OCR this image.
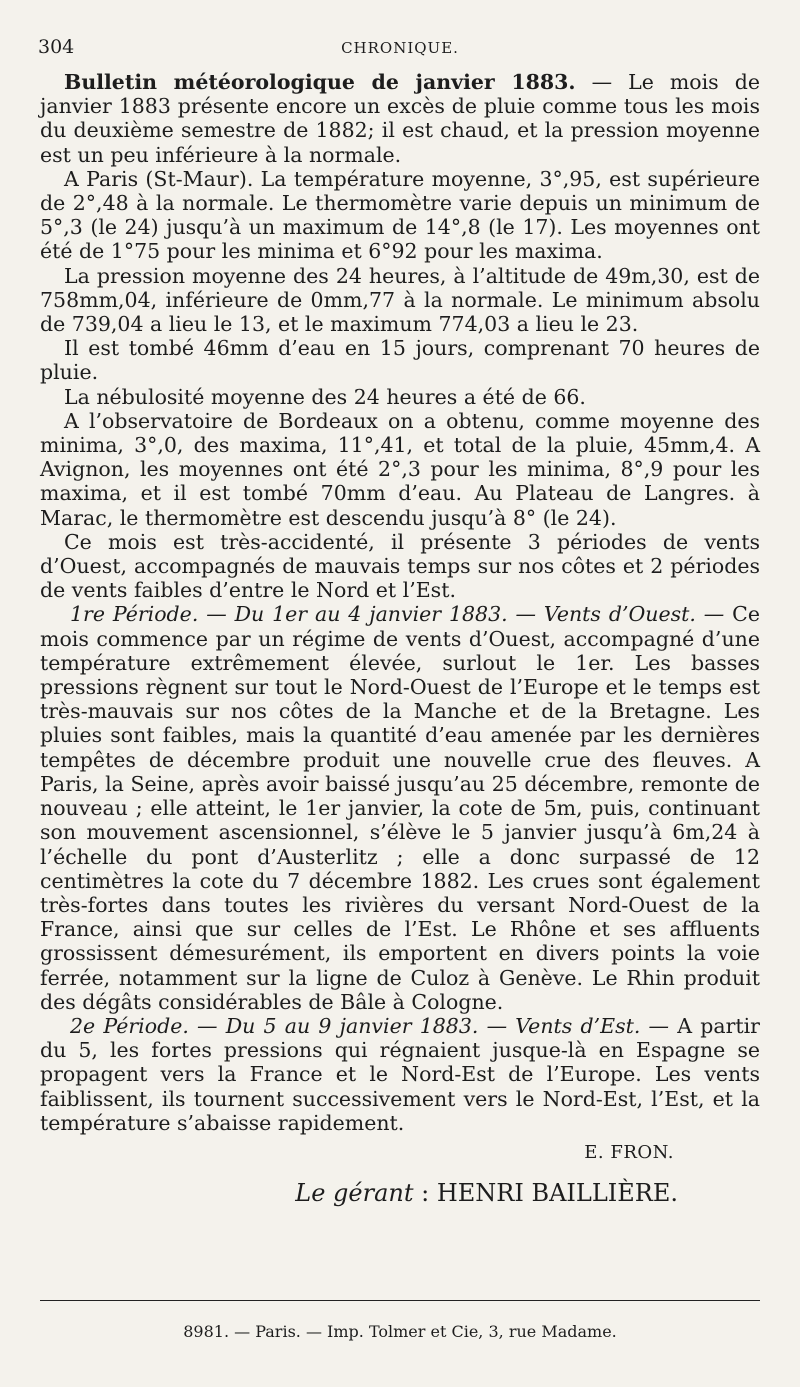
304	CHRONIQUE.

Bulletin météorologique de janvier 1883. — Le mois de janvier 1883 présente encore un excès de pluie comme tous les mois du deuxième semestre de 1882; il est chaud, et la pression moyenne est un peu inférieure à la normale.

A Paris (St-Maur). La température moyenne, 3°,95, est supérieure de 2°,48 à la normale. Le thermomètre varie depuis un minimum de 5°,3 (le 24) jusqu’à un maximum de 14°,8 (le 17). Les moyennes ont été de 1°75 pour les minima et 6°92 pour les maxima.

La pression moyenne des 24 heures, à l’altitude de 49m,30, est de 758mm,04, inférieure de 0mm,77 à la normale. Le minimum absolu de 739,04 a lieu le 13, et le maximum 774,03 a lieu le 23.

Il est tombé 46mm d’eau en 15 jours, comprenant 70 heures de pluie.

La nébulosité moyenne des 24 heures a été de 66.

A l’observatoire de Bordeaux on a obtenu, comme moyenne des minima, 3°,0, des maxima, 11°,41, et total de la pluie, 45mm,4. A Avignon, les moyennes ont été 2°,3 pour les minima, 8°,9 pour les maxima, et il est tombé 70mm d’eau. Au Plateau de Langres. à Marac, le thermomètre est descendu jusqu’à 8° (le 24).

Ce mois est très-accidenté, il présente 3 périodes de vents d’Ouest, accompagnés de mauvais temps sur nos côtes et 2 périodes de vents faibles d’entre le Nord et l’Est.

1re Période. — Du 1er au 4 janvier 1883. — Vents d’Ouest. — Ce mois commence par un régime de vents d’Ouest, accompagné d’une température extrêmement élevée, surlout le 1er. Les basses pressions règnent sur tout le Nord-Ouest de l’Europe et le temps est très-mauvais sur nos côtes de la Manche et de la Bretagne. Les pluies sont faibles, mais la quantité d’eau amenée par les dernières tempêtes de décembre produit une nouvelle crue des fleuves. A Paris, la Seine, après avoir baissé jusqu’au 25 décembre, remonte de nouveau ; elle atteint, le 1er janvier, la cote de 5m, puis, continuant son mouvement ascensionnel, s’élève le 5 janvier jusqu’à 6m,24 à l’échelle du pont d’Austerlitz ; elle a donc surpassé de 12 centimètres la cote du 7 décembre 1882. Les crues sont également très-fortes dans toutes les rivières du versant Nord-Ouest de la France, ainsi que sur celles de l’Est. Le Rhône et ses affluents grossissent démesurément, ils emportent en divers points la voie ferrée, notamment sur la ligne de Culoz à Genève. Le Rhin produit des dégâts considérables de Bâle à Cologne.

2e Période. — Du 5 au 9 janvier 1883. — Vents d’Est. — A partir du 5, les fortes pressions qui régnaient jusque-là en Espagne se propagent vers la France et le Nord-Est de l’Europe. Les vents faiblissent, ils tournent successivement vers le Nord-Est, l’Est, et la température s’abaisse rapidement.

E. FRON.
Le gérant : HENRI BAILLIÈRE.
8981. — Paris. — Imp. Tolmer et Cie, 3, rue Madame.
